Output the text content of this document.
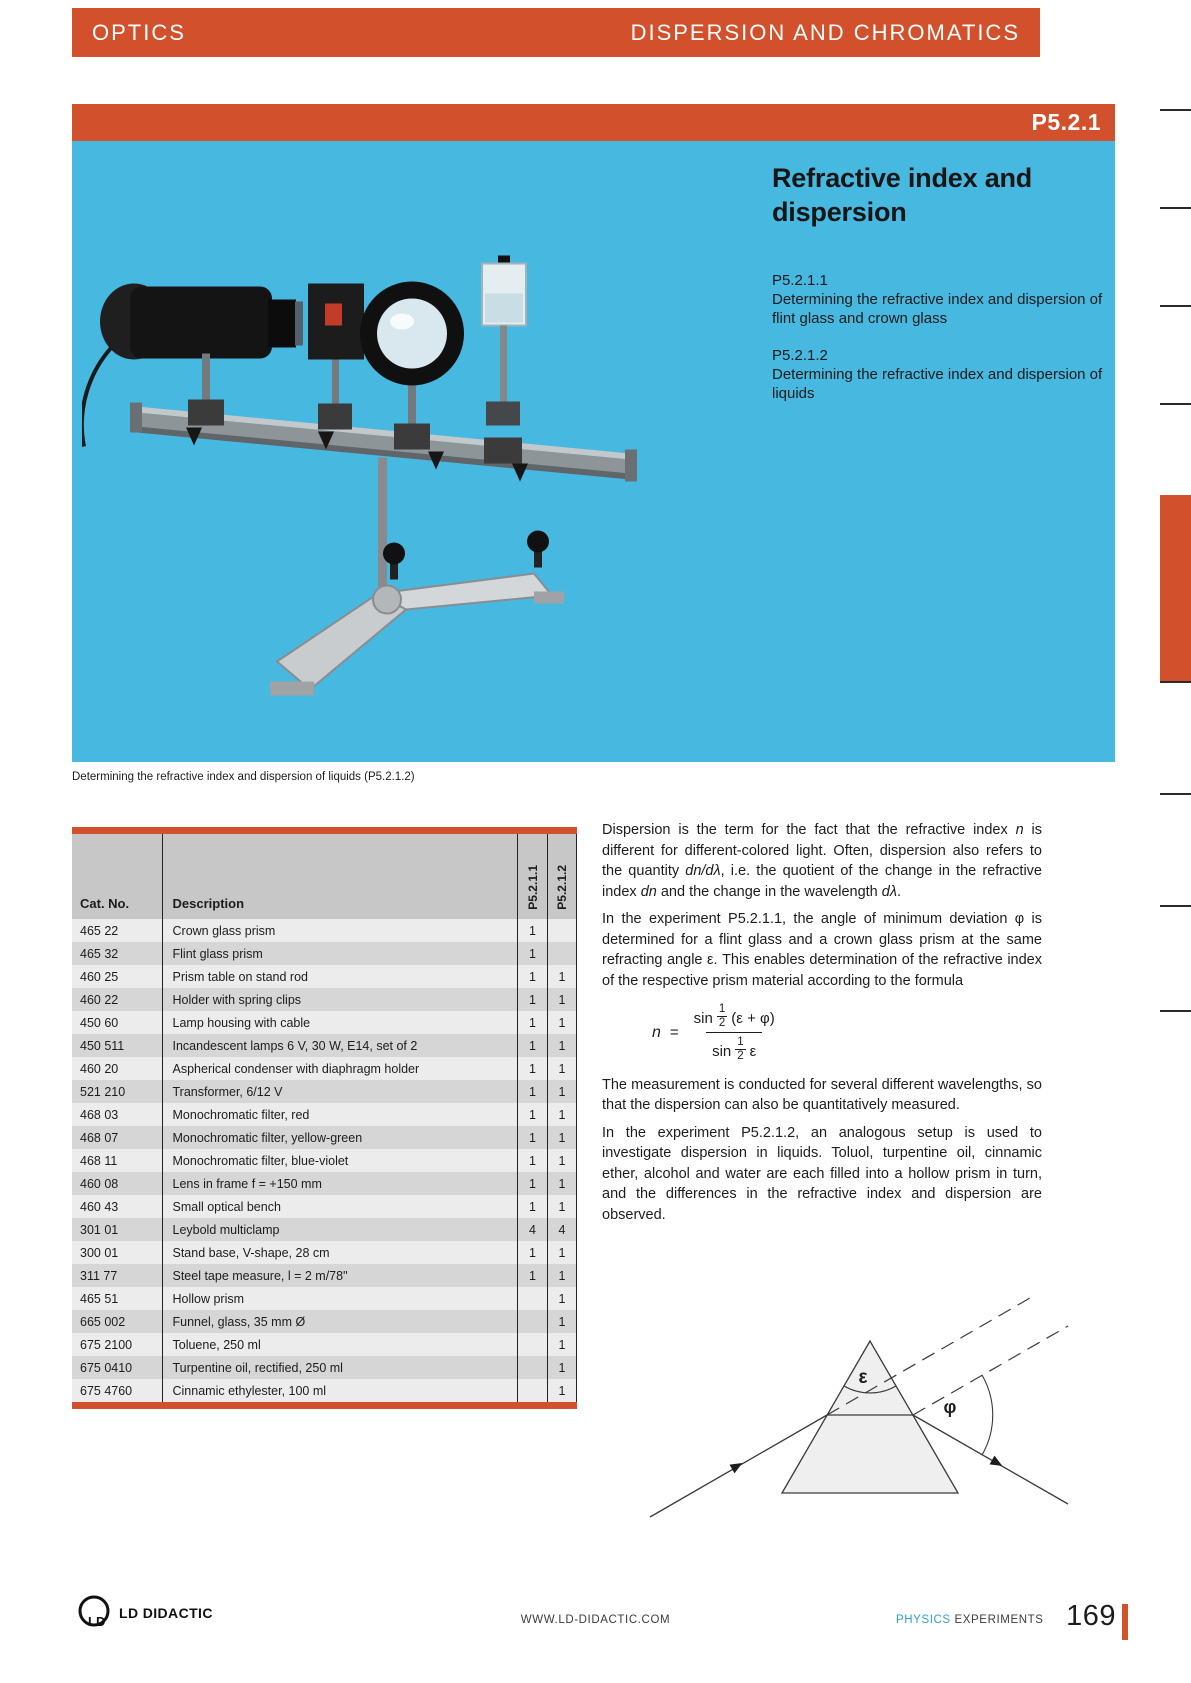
OPTICS	DISPERSION AND CHROMATICS
P5.2.1
Refractive index and dispersion
P5.2.1.1
Determining the refractive index and dispersion of flint glass and crown glass
P5.2.1.2
Determining the refractive index and dispersion of liquids
Determining the refractive index and dispersion of liquids (P5.2.1.2)
Cat. No.	Description	P5.2.1.1	P5.2.1.2
465 22	Crown glass prism	1	
465 32	Flint glass prism	1	
460 25	Prism table on stand rod	1	1
460 22	Holder with spring clips	1	1
450 60	Lamp housing with cable	1	1
450 511	Incandescent lamps 6 V, 30 W, E14, set of 2	1	1
460 20	Aspherical condenser with diaphragm holder	1	1
521 210	Transformer, 6/12 V	1	1
468 03	Monochromatic filter, red	1	1
468 07	Monochromatic filter, yellow-green	1	1
468 11	Monochromatic filter, blue-violet	1	1
460 08	Lens in frame f = +150 mm	1	1
460 43	Small optical bench	1	1
301 01	Leybold multiclamp	4	4
300 01	Stand base, V-shape, 28 cm	1	1
311 77	Steel tape measure, l = 2 m/78"	1	1
465 51	Hollow prism		1
665 002	Funnel, glass, 35 mm Ø		1
675 2100	Toluene, 250 ml		1
675 0410	Turpentine oil, rectified, 250 ml		1
675 4760	Cinnamic ethylester, 100 ml		1

Dispersion is the term for the fact that the refractive index n is different for different-colored light. Often, dispersion also refers to the quantity dn/dλ, i.e. the quotient of the change in the refractive index dn and the change in the wavelength dλ.

In the experiment P5.2.1.1, the angle of minimum deviation φ is determined for a flint glass and a crown glass prism at the same refracting angle ε. This enables determination of the refractive index of the respective prism material according to the formula

n = sin
1
2 (ε + φ)
sin
1
2 ε

The measurement is conducted for several different wavelengths, so that the dispersion can also be quantitatively measured.

In the experiment P5.2.1.2, an analogous setup is used to investigate dispersion in liquids. Toluol, turpentine oil, cinnamic ether, alcohol and water are each filled into a hollow prism in turn, and the differences in the refractive index and dispersion are observed.

ε
φ
LD
LD DIDACTIC	WWW.LD-DIDACTIC.COM	PHYSICS EXPERIMENTS 169
